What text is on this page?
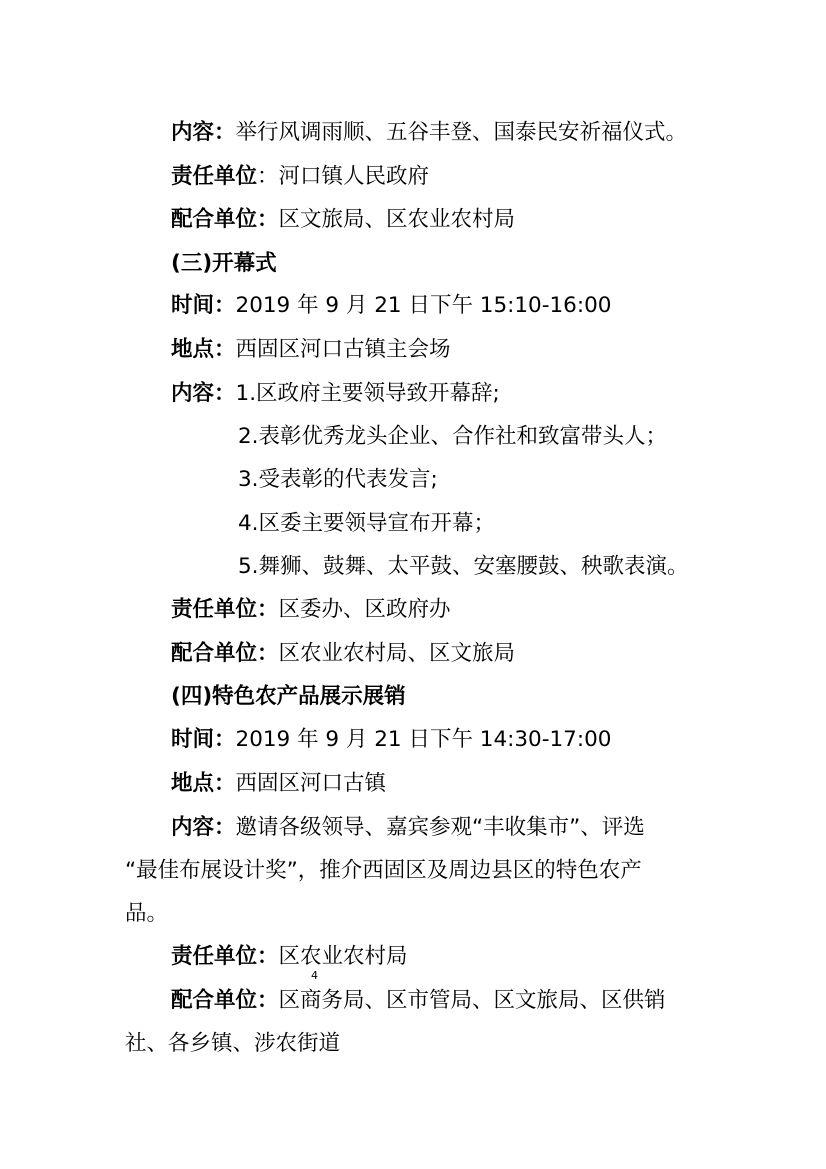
内容：举行风调雨顺、五谷丰登、国泰民安祈福仪式。
责任单位：河口镇人民政府
配合单位：区文旅局、区农业农村局
(三)开幕式
时间：2019 年 9 月 21 日下午 15:10-16:00
地点：西固区河口古镇主会场
内容：1.区政府主要领导致开幕辞;
2.表彰优秀龙头企业、合作社和致富带头人；
3.受表彰的代表发言;
4.区委主要领导宣布开幕；
5.舞狮、鼓舞、太平鼓、安塞腰鼓、秧歌表演。
责任单位：区委办、区政府办
配合单位：区农业农村局、区文旅局
(四)特色农产品展示展销
时间：2019 年 9 月 21 日下午 14:30-17:00
地点：西固区河口古镇
内容：邀请各级领导、嘉宾参观“丰收集市”、评选
“最佳布展设计奖”，推介西固区及周边县区的特色农产
品。
责任单位：区农业农村局
4
配合单位：区商务局、区市管局、区文旅局、区供销
社、各乡镇、涉农街道
